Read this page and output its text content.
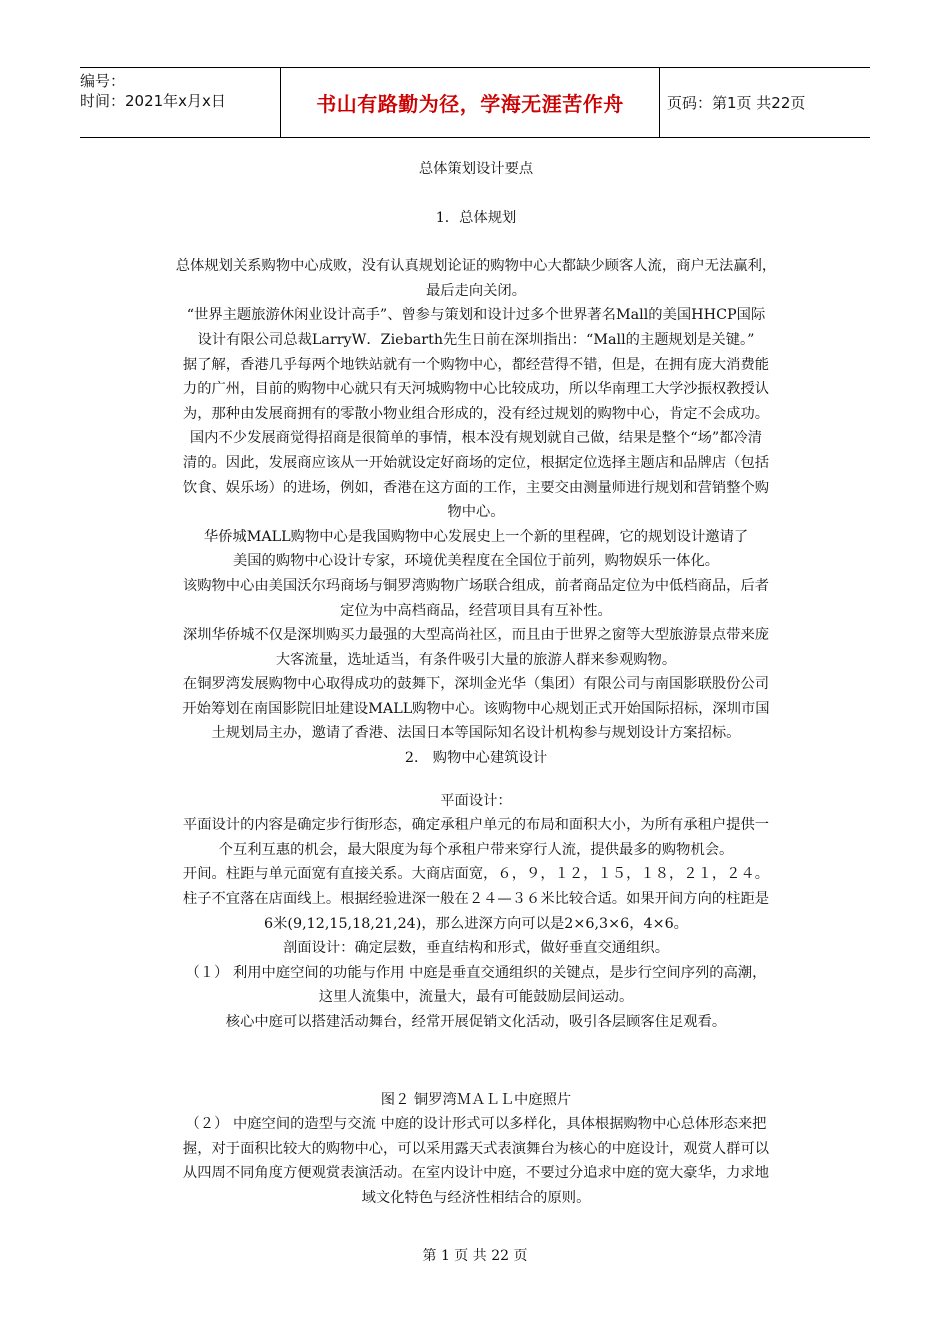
编号：
时间：2021年x月x日	书山有路勤为径，学海无涯苦作舟	页码：第1页 共22页
总体策划设计要点
1．总体规划
总体规划关系购物中心成败，没有认真规划论证的购物中心大都缺少顾客人流，商户无法赢利，
最后走向关闭。
“世界主题旅游休闲业设计高手”、曾参与策划和设计过多个世界著名Mall的美国HHCP国际
设计有限公司总裁LarryW．Ziebarth先生日前在深圳指出：“Mall的主题规划是关键。”
据了解，香港几乎每两个地铁站就有一个购物中心，都经营得不错，但是，在拥有庞大消费能
力的广州，目前的购物中心就只有天河城购物中心比较成功，所以华南理工大学沙振权教授认
为，那种由发展商拥有的零散小物业组合形成的，没有经过规划的购物中心，肯定不会成功。
国内不少发展商觉得招商是很简单的事情，根本没有规划就自己做，结果是整个“场”都冷清
清的。因此，发展商应该从一开始就设定好商场的定位，根据定位选择主题店和品牌店（包括
饮食、娱乐场）的进场，例如，香港在这方面的工作，主要交由测量师进行规划和营销整个购
物中心。
华侨城MALL购物中心是我国购物中心发展史上一个新的里程碑，它的规划设计邀请了
美国的购物中心设计专家，环境优美程度在全国位于前列，购物娱乐一体化。
该购物中心由美国沃尔玛商场与铜罗湾购物广场联合组成，前者商品定位为中低档商品，后者
定位为中高档商品，经营项目具有互补性。
深圳华侨城不仅是深圳购买力最强的大型高尚社区，而且由于世界之窗等大型旅游景点带来庞
大客流量，选址适当，有条件吸引大量的旅游人群来参观购物。
在铜罗湾发展购物中心取得成功的鼓舞下，深圳金光华（集团）有限公司与南国影联股份公司
开始筹划在南国影院旧址建设MALL购物中心。该购物中心规划正式开始国际招标，深圳市国
土规划局主办，邀请了香港、法国日本等国际知名设计机构参与规划设计方案招标。
2． 购物中心建筑设计
平面设计：
平面设计的内容是确定步行街形态，确定承租户单元的布局和面积大小，为所有承租户提供一
个互利互惠的机会，最大限度为每个承租户带来穿行人流，提供最多的购物机会。
开间。柱距与单元面宽有直接关系。大商店面宽，６，９，１２，１５，１８，２１，２４。
柱子不宜落在店面线上。根据经验进深一般在２４—３６米比较合适。如果开间方向的柱距是
6米(9,12,15,18,21,24)，那么进深方向可以是2×6,3×6，4×6。
剖面设计：确定层数，垂直结构和形式，做好垂直交通组织。
（１） 利用中庭空间的功能与作用 中庭是垂直交通组织的关键点，是步行空间序列的高潮，
这里人流集中，流量大，最有可能鼓励层间运动。
核心中庭可以搭建活动舞台，经常开展促销文化活动，吸引各层顾客住足观看。
图２ 铜罗湾ＭＡＬＬ中庭照片
（２） 中庭空间的造型与交流 中庭的设计形式可以多样化，具体根据购物中心总体形态来把
握，对于面积比较大的购物中心，可以采用露天式表演舞台为核心的中庭设计，观赏人群可以
从四周不同角度方便观赏表演活动。在室内设计中庭，不要过分追求中庭的宽大豪华，力求地
域文化特色与经济性相结合的原则。
第 1 页 共 22 页
